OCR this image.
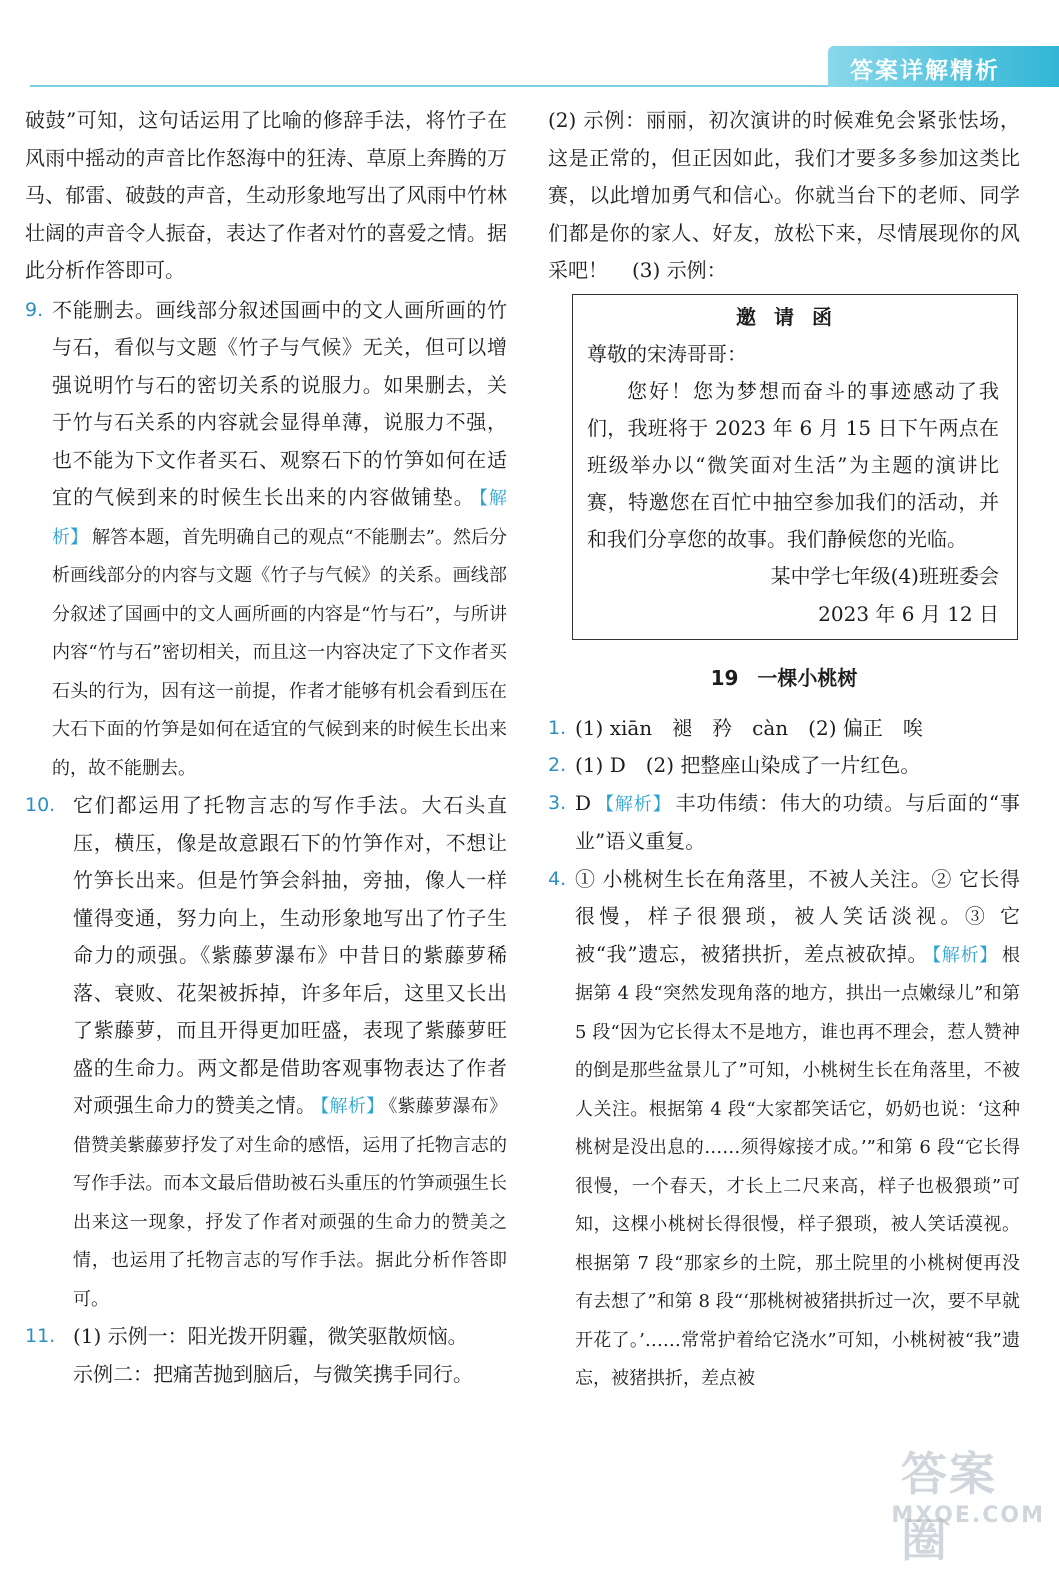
答案详解精析

破鼓”可知，这句话运用了比喻的修辞手法，将竹子在风雨中摇动的声音比作怒海中的狂涛、草原上奔腾的万马、郁雷、破鼓的声音，生动形象地写出了风雨中竹林壮阔的声音令人振奋，表达了作者对竹的喜爱之情。据此分析作答即可。

9. 不能删去。画线部分叙述国画中的文人画所画的竹与石，看似与文题《竹子与气候》无关，但可以增强说明竹与石的密切关系的说服力。如果删去，关于竹与石关系的内容就会显得单薄，说服力不强，也不能为下文作者买石、观察石下的竹笋如何在适宜的气候到来的时候生长出来的内容做铺垫。 【解析】 解答本题，首先明确自己的观点“不能删去”。然后分析画线部分的内容与文题《竹子与气候》的关系。画线部分叙述了国画中的文人画所画的内容是“竹与石”，与所讲内容“竹与石”密切相关，而且这一内容决定了下文作者买石头的行为，因有这一前提，作者才能够有机会看到压在大石下面的竹笋是如何在适宜的气候到来的时候生长出来的，故不能删去。
10. 它们都运用了托物言志的写作手法。大石头直压，横压，像是故意跟石下的竹笋作对，不想让竹笋长出来。但是竹笋会斜抽，旁抽，像人一样懂得变通，努力向上，生动形象地写出了竹子生命力的顽强。《紫藤萝瀑布》中昔日的紫藤萝稀落、衰败、花架被拆掉，许多年后，这里又长出了紫藤萝，而且开得更加旺盛，表现了紫藤萝旺盛的生命力。两文都是借助客观事物表达了作者对顽强生命力的赞美之情。 【解析】 《紫藤萝瀑布》借赞美紫藤萝抒发了对生命的感悟，运用了托物言志的写作手法。而本文最后借助被石头重压的竹笋顽强生长出来这一现象，抒发了作者对顽强的生命力的赞美之情，也运用了托物言志的写作手法。据此分析作答即可。
11. (1) 示例一：阳光拨开阴霾，微笑驱散烦恼。

示例二：把痛苦抛到脑后，与微笑携手同行。

(2) 示例：丽丽，初次演讲的时候难免会紧张怯场，这是正常的，但正因如此，我们才要多多参加这类比赛，以此增加勇气和信心。你就当台下的老师、同学们都是你的家人、好友，放松下来，尽情展现你的风采吧！ (3) 示例：

邀请函

尊敬的宋涛哥哥：

您好！您为梦想而奋斗的事迹感动了我们，我班将于 2023 年 6 月 15 日下午两点在班级举办以“微笑面对生活”为主题的演讲比赛，特邀您在百忙中抽空参加我们的活动，并和我们分享您的故事。我们静候您的光临。

某中学七年级(4)班班委会

2023 年 6 月 12 日

19 一棵小桃树
1. (1) xiān　褪　矜　càn　(2) 偏正　唉
2. (1) D　(2) 把整座山染成了一片红色。
3. D 【解析】 丰功伟绩：伟大的功绩。与后面的“事业”语义重复。
4. ① 小桃树生长在角落里，不被人关注。② 它长得很慢，样子很猥琐，被人笑话淡视。③ 它被“我”遗忘，被猪拱折，差点被砍掉。 【解析】 根据第 4 段“突然发现角落的地方，拱出一点嫩绿儿”和第 5 段“因为它长得太不是地方，谁也再不理会，惹人赞神的倒是那些盆景儿了”可知，小桃树生长在角落里，不被人关注。根据第 4 段“大家都笑话它，奶奶也说：‘这种桃树是没出息的……须得嫁接才成。’”和第 6 段“它长得很慢，一个春天，才长上二尺来高，样子也极猥琐”可知，这棵小桃树长得很慢，样子猥琐，被人笑话漠视。根据第 7 段“那家乡的土院，那土院里的小桃树便再没有去想了”和第 8 段“‘那桃树被猪拱折过一次，要不早就开花了。’……常常护着给它浇水”可知，小桃树被“我”遗忘，被猪拱折，差点被
答案圈
MXQE.COM
